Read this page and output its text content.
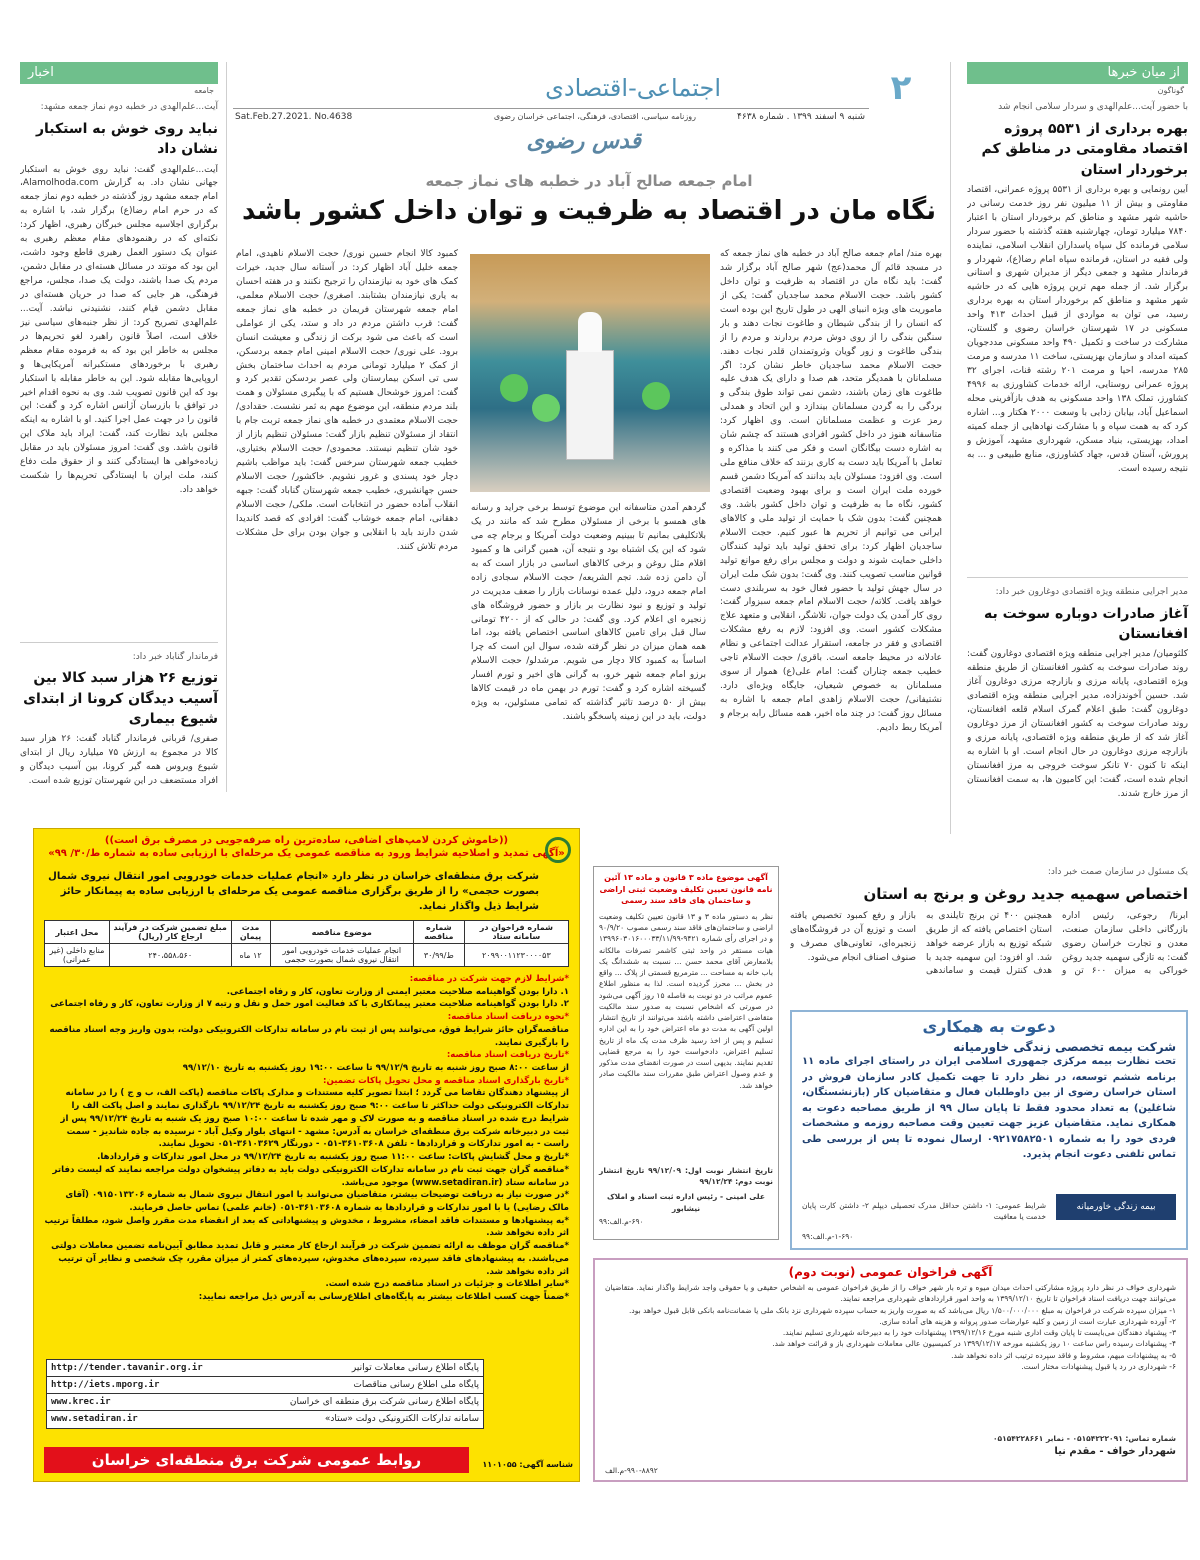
۲
اجتماعی-اقتصادی
شنبه ۹ اسفند ۱۳۹۹ . شماره ۴۶۳۸
روزنامه سیاسی، اقتصادی، فرهنگی، اجتماعی خراسان رضوی
Sat.Feb.27.2021. No.4638
قدس رضوی
از میان خبرها
گوناگون
با حضور آیت...علم‌الهدی و سردار سلامی انجام شد
بهره برداری از ۵۵۳۱ پروژه اقتصاد مقاومتی در مناطق کم برخوردار استان
آیین رونمایی و بهره برداری از ۵۵۳۱ پروژه عمرانی، اقتصاد مقاومتی و بیش از ۱۱ میلیون نفر روز خدمت رسانی در حاشیه شهر مشهد و مناطق کم برخوردار استان با اعتبار ۷۸۴۰ میلیارد تومان، چهارشنبه هفته گذشته با حضور سردار سلامی فرمانده کل سپاه پاسداران انقلاب اسلامی، نماینده ولی فقیه در استان، فرمانده سپاه امام رضا(ع)، شهردار و فرماندار مشهد و جمعی دیگر از مدیران شهری و استانی برگزار شد. از جمله مهم ترین پروژه هایی که در حاشیه شهر مشهد و مناطق کم برخوردار استان به بهره برداری رسید، می توان به مواردی از قبیل احداث ۴۱۳ واحد مسکونی در ۱۷ شهرستان خراسان رضوی و گلستان، مشارکت در ساخت و تکمیل ۴۹۰ واحد مسکونی مددجویان کمیته امداد و سازمان بهزیستی، ساخت ۱۱ مدرسه و مرمت ۲۸۵ مدرسه، احیا و مرمت ۲۰۱ رشته قنات، اجرای ۳۲ پروژه عمرانی روستایی، ارائه خدمات کشاورزی به ۴۹۹۶ کشاورز، تملک ۱۳۸ واحد مسکونی به هدف بازآفرینی محله اسماعیل آباد، بیابان زدایی با وسعت ۲۰۰۰ هکتار و... اشاره کرد که به همت سپاه و با مشارکت نهادهایی از جمله کمیته امداد، بهزیستی، بنیاد مسکن، شهرداری مشهد، آموزش و پرورش، آستان قدس، جهاد کشاورزی، منابع طبیعی و ... به نتیجه رسیده است.
مدیر اجرایی منطقه ویژه اقتصادی دوغارون خبر داد:
آغاز صادرات دوباره سوخت به افغانستان
کلثومیان/ مدیر اجرایی منطقه ویژه اقتصادی دوغارون گفت: روند صادرات سوخت به کشور افغانستان از طریق منطقه ویژه اقتصادی، پایانه مرزی و بازارچه مرزی دوغارون آغاز شد. حسین آخوندزاده، مدیر اجرایی منطقه ویژه اقتصادی دوغارون گفت: طبق اعلام گمرک اسلام قلعه افغانستان، روند صادرات سوخت به کشور افغانستان از مرز دوغارون آغاز شد که از طریق منطقه ویژه اقتصادی، پایانه مرزی و بازارچه مرزی دوغارون در حال انجام است. او با اشاره به اینکه تا کنون ۷۰ تانکر سوخت خروجی به مرز افغانستان انجام شده است، گفت: این کامیون ها، به سمت افغانستان از مرز خارج شدند.
اخبار
جامعه
آیت...علم‌الهدی در خطبه دوم نماز جمعه مشهد:
نباید روی خوش به استکبار نشان داد
آیت...علم‌الهدی گفت: نباید روی خوش به استکبار جهانی نشان داد. به گزارش Alamolhoda.com، امام جمعه مشهد روز گذشته در خطبه دوم نماز جمعه که در حرم امام رضا(ع) برگزار شد، با اشاره به برگزاری اجلاسیه مجلس خبرگان رهبری، اظهار کرد: نکته‌ای که در رهنمودهای مقام معظم رهبری به عنوان یک دستور العمل رهبری قاطع وجود داشت، این بود که مونتد در مسائل هسته‌ای در مقابل دشمن، مردم یک صدا باشند، دولت یک صدا، مجلس، مراجع فرهنگی، هر جایی که صدا در حریان هسته‌ای در مقابل دشمن قیام کنند، نشنیدنی نباشد. آیت... علم‌الهدی تصریح کرد: از نظر جنبه‌های سیاسی نیز خلاف است، اصلاً قانون راهبرد لغو تحریم‌ها در مجلس به خاطر این بود که به فرموده مقام معظم رهبری با برخوردهای مستکبرانه آمریکایی‌ها و اروپایی‌ها مقابله شود. این به خاطر مقابله با استکبار بود که این قانون تصویب شد. وی به نحوه اقدام اخیر در توافق با بازرسان آژانس اشاره کرد و گفت: این قانون را در جهت عمل اجرا کنید. او با اشاره به اینکه مجلس باید نظارت کند، گفت: ایراد باید ملاک این قانون باشد. وی گفت: امروز مسئولان باید در مقابل زیاده‌خواهی ها ایستادگی کنند و از حقوق ملت دفاع کنند، ملت ایران با ایستادگی تحریم‌ها را شکست خواهد داد.
فرماندار گناباد خبر داد:
توزیع ۲۶ هزار سبد کالا بین آسیب دیدگان کرونا از ابتدای شیوع بیماری
صفری/ قربانی فرماندار گناباد گفت: ۲۶ هزار سبد کالا در مجموع به ارزش ۷۵ میلیارد ریال از ابتدای شیوع ویروس همه گیر کرونا، بین آسیب دیدگان و افراد مستضعف در این شهرستان توزیع شده است.
امام جمعه صالح آباد در خطبه های نماز جمعه
نگاه مان در اقتصاد به ظرفیت و توان داخل کشور باشد
بهره مند/ امام جمعه صالح آباد در خطبه های نماز جمعه که در مسجد قائم آل محمد(عج) شهر صالح آباد برگزار شد گفت: باید نگاه مان در اقتصاد به ظرفیت و توان داخل کشور باشد. حجت الاسلام محمد ساجدیان گفت: یکی از ماموریت های ویژه انبیای الهی در طول تاریخ این بوده است که انسان را از بندگی شیطان و طاغوت نجات دهند و بار سنگین بندگی را از روی دوش مردم بردارند و مردم را از بندگی طاغوت و زور گویان وثروتمندان قلدر نجات دهند. حجت الاسلام محمد ساجدیان خاطر نشان کرد: اگر مسلمانان با همدیگر متحد، هم صدا و دارای یک هدف علیه طاغوت های زمان باشند، دشمن نمی تواند طوق بندگی و بردگی را به گردن مسلمانان بیندازد و این اتحاد و همدلی رمز عزت و عظمت مسلمانان است. وی اظهار کرد: متاسفانه هنوز در داخل کشور افرادی هستند که چشم شان به اشاره دست بیگانگان است و فکر می کنند با مذاکره و تعامل با آمریکا باید دست به کاری بزنند که خلاف منافع ملی است. وی افزود: مسئولان باید بدانند که آمریکا دشمن قسم خورده ملت ایران است و برای بهبود وضعیت اقتصادی کشور، نگاه ما به ظرفیت و توان داخل کشور باشد. وی همچنین گفت: بدون شک با حمایت از تولید ملی و کالاهای ایرانی می توانیم از تحریم ها عبور کنیم. حجت الاسلام ساجدیان اظهار کرد: برای تحقق تولید باید تولید کنندگان داخلی حمایت شوند و دولت و مجلس برای رفع موانع تولید قوانین مناسب تصویب کنند. وی گفت: بدون شک ملت ایران در سال جهش تولید با حضور فعال خود به سربلندی دست خواهد یافت. کلاته/ حجت الاسلام امام جمعه سبزوار گفت: روی کار آمدن یک دولت جوان، تلاشگر، انقلابی و متعهد علاج مشکلات کشور است. وی افزود: لازم به رفع مشکلات اقتصادی و فقر در جامعه، استقرار عدالت اجتماعی و نظام عادلانه در محیط جامعه است. باقری/ حجت الاسلام تاجی خطیب جمعه چناران گفت: امام علی(ع) هموار از سوی مسلمانان به خصوص شیعیان، جایگاه ویژه‌ای دارد. نشتیفانی/ حجت الاسلام زاهدی امام جمعه با اشاره به مسائل روز گفت: در چند ماه اخیر، همه مسائل رابه برجام و آمریکا ربط دادیم.
گردهم آمدن متاسفانه این موضوع توسط برخی جراید و رسانه های همسو با برخی از مسئولان مطرح شد که مانند در یک بلاتکلیفی بمانیم تا ببینیم وضعیت دولت آمریکا و برجام چه می شود که این یک اشتباه بود و نتیجه آن، همین گرانی ها و کمبود اقلام مثل روغن و برخی کالاهای اساسی در بازار است که به آن دامن زده شد. تجم الشریعه/ حجت الاسلام سجادی زاده امام جمعه درود، دلیل عمده نوسانات بازار را ضعف مدیریت در تولید و توزیع و نبود نظارت بر بازار و حضور فروشگاه های زنجیره ای اعلام کرد. وی گفت: در حالی که از ۴۲۰۰ تومانی سال قبل برای تامین کالاهای اساسی اختصاص یافته بود، اما همه همان میزان در نظر گرفته شده، سوال این است که چرا اساساً به کمبود کالا دچار می شویم. مرشدلو/ حجت الاسلام برزو امام جمعه شهر خرو، به گرانی های اخیر و تورم افسار گسیخته اشاره کرد و گفت: تورم در بهمن ماه در قیمت کالاها بیش از ۵۰ درصد تاثیر گذاشته که تمامی مسئولین، به ویژه دولت، باید در این زمینه پاسخگو باشند.
کمبود کالا انجام حسین نوری/ حجت الاسلام ناهیدی، امام جمعه خلیل آباد اظهار کرد: در آستانه سال جدید، خیرات کمک های خود به نیازمندان را ترجیح نکنند و در هفته احسان به یاری نیازمندان بشتابند. اصغری/ حجت الاسلام معلمی، امام جمعه شهرستان فریمان در خطبه های نماز جمعه گفت: قرب داشتن مردم در داد و ستد، یکی از عواملی است که باعث می شود برکت از زندگی و معیشت انسان برود. علی نوری/ حجت الاسلام امینی امام جمعه بردسکن، از کمک ۲ میلیارد تومانی مردم به احداث ساختمان بخش سی تی اسکن بیمارستان ولی عصر بردسکن تقدیر کرد و گفت: امروز خوشحال هستیم که با پیگیری مسئولان و همت بلند مردم منطقه، این موضوع مهم به ثمر نشست. حقدادی/ حجت الاسلام معتمدی در خطبه های نماز جمعه تربت جام با انتقاد از مسئولان تنظیم بازار گفت: مسئولان تنظیم بازار از خود شان تنظیم نیستند. محمودی/ حجت الاسلام بختیاری، خطیب جمعه شهرستان سرخس گفت: باید مواظب باشیم دچار خود پسندی و غرور نشویم. خاکشور/ حجت الاسلام حسن جهانشیری، خطیب جمعه شهرستان گناباد گفت: جبهه انقلاب آماده حضور در انتخابات است. ملکی/ حجت الاسلام دهقانی، امام جمعه خوشاب گفت: افرادی که قصد کاندیدا شدن دارند باید با انقلابی و جوان بودن برای حل مشکلات مردم تلاش کنند.
((خاموش کردن لامپ‌های اضافی، ساده‌ترین راه صرفه‌جویی در مصرف برق است))
«آگهی تمدید و اصلاحیه شرایط ورود به مناقصه عمومی یک مرحله‌ای با ارزیابی ساده به شماره ط/۳۰/ ۹۹»
شرکت برق منطقه‌ای خراسان در نظر دارد «انجام عملیات خدمات خودرویی امور انتقال نیروی شمال بصورت حجمی» را از طریق برگزاری مناقصه عمومی یک مرحله‌ای با ارزیابی ساده به پیمانکار حائز شرایط ذیل واگذار نماید.
شماره فراخوان در سامانه ستاد	شماره مناقصه	موضوع مناقصه	مدت پیمان	مبلغ تضمین شرکت در فرآیند ارجاع کار (ریال)	محل اعتبار
۲۰۹۹۰۰۱۱۲۳۰۰۰۰۵۳	ط/۳۰/۹۹	انجام عملیات خدمات خودرویی امور انتقال نیروی شمال بصورت حجمی	۱۲ ماه	۲۴۰،۵۵۸،۵۶۰	منابع داخلی (غیر عمرانی)
*شرایط لازم جهت شرکت در مناقصه:
۱. دارا بودن گواهینامه صلاحیت معتبر ایمنی از وزارت تعاون، کار و رفاه اجتماعی.
۲. دارا بودن گواهینامه صلاحیت معتبر پیمانکاری با کد فعالیت امور حمل و نقل و رتبه ۷ از وزارت تعاون، کار و رفاه اجتماعی
*نحوه دریافت اسناد مناقصه:
مناقصه‌گران حائز شرایط فوق، می‌توانند پس از ثبت نام در سامانه تدارکات الکترونیکی دولت، بدون واریز وجه اسناد مناقصه را بارگیری نمایند.
*تاریخ دریافت اسناد مناقصه:
از ساعت ۸:۰۰ صبح روز شنبه به تاریخ ۹۹/۱۲/۹ تا ساعت ۱۹:۰۰ روز یکشنبه به تاریخ ۹۹/۱۲/۱۰
*تاریخ بارگذاری اسناد مناقصه و محل تحویل پاکات تضمین:
از پیشنهاد دهندگان تقاضا می گردد ؛ ابتدا تصویر کلیه مستندات و مدارک پاکات مناقصه (پاکت الف، ب و ج ) را در سامانه تدارکات الکترونیکی دولت حداکثر تا ساعت ۹:۰۰ صبح روز یکشنبه به تاریخ ۹۹/۱۲/۲۴ بارگذاری نمایند و اصل پاکت الف را شرایط درج شده در اسناد مناقصه و به صورت لاک و مهر شده تا ساعت ۱۰:۰۰ صبح روز یک شنبه به تاریخ ۹۹/۱۲/۲۴ پس از ثبت در دبیرخانه شرکت برق منطقه‌ای خراسان به آدرس: مشهد - انتهای بلوار وکیل آباد - نرسیده به جاده شاندیز - سمت راست - به امور تدارکات و قراردادها - تلفن ۳۶۱۰۳۶۰۸-۰۵۱ - دورنگار ۳۶۱۰۳۶۲۹-۰۵۱ تحویل نمایند.
*تاریخ و محل گشایش پاکات: ساعت ۱۱:۰۰ صبح روز یکشنبه به تاریخ ۹۹/۱۲/۲۴ در محل امور تدارکات و قراردادها.
*مناقصه گران جهت ثبت نام در سامانه تدارکات الکترونیکی دولت باید به دفاتر پیشخوان دولت مراجعه نمایند که لیست دفاتر در سامانه ستاد (www.setadiran.ir) موجود می‌باشد.
*در صورت نیاز به دریافت توضیحات بیشتر، متقاضیان می‌توانند با امور انتقال نیروی شمال به شماره ۰۹۱۵۰۱۳۲۰۶ (آقای مالک رضایی) یا با امور تدارکات و قراردادها به شماره ۳۶۱۰۳۶۰۸-۰۵۱ (خانم علمی) تماس حاصل فرمایند.
*به پیشنهادها و مستندات فاقد امضاء، مشروط ، مخدوش و پیشنهاداتی که بعد از انقضاء مدت مقرر واصل شود، مطلقاً ترتیب اثر داده نخواهد شد.
*مناقصه گران موظف به ارائه تضمین شرکت در فرآیند ارجاع کار معتبر و قابل تمدید مطابق آیین‌نامه تضمین معاملات دولتی می‌باشند. به پیشنهادهای فاقد سپرده، سپرده‌های مخدوش، سپرده‌های کمتر از میزان مقرر، چک شخصی و نظایر آن ترتیب اثر داده نخواهد شد.
*سایر اطلاعات و جزئیات در اسناد مناقصه درج شده است.
*ضمناً جهت کسب اطلاعات بیشتر به پایگاه‌های اطلاع‌رسانی به آدرس ذیل مراجعه نمایید:
پایگاه اطلاع رسانی معاملات توانیر
http://tender.tavanir.org.ir
پایگاه ملی اطلاع رسانی مناقصات
http://iets.mporg.ir
پایگاه اطلاع رسانی شرکت برق منطقه ای خراسان
www.krec.ir
سامانه تدارکات الکترونیکی دولت «ستاد»
www.setadiran.ir
روابط عمومی شرکت برق منطقه‌ای خراسان	شناسه آگهی: ۱۱۰۱۰۵۵
آگهی موضوع ماده ۳ قانون و ماده ۱۳ آئین نامه قانون تعیین تکلیف وضعیت ثبتی اراضی و ساختمان های فاقد سند رسمی
نظر به دستور ماده ۳ و ۱۳ قانون تعیین تکلیف وضعیت اراضی و ساختمان‌های فاقد سند رسمی مصوب ۹۰/۹/۲۰ و در اجرای رأی شماره ۹۴۲۱-۱۳۹۹۶۰۳۰۱۶۰۰۰۳۳/۱۱/۹۹ هیات مستقر در واحد ثبتی کاشمر تصرفات مالکانه بلامعارض آقای محمد حسن ... نسبت به ششدانگ یک باب خانه به مساحت ... مترمربع قسمتی از پلاک ... واقع در بخش ... محرز گردیده است. لذا به منظور اطلاع عموم مراتب در دو نوبت به فاصله ۱۵ روز آگهی می‌شود در صورتی که اشخاص نسبت به صدور سند مالکیت متقاضی اعتراضی داشته باشند می‌توانند از تاریخ انتشار اولین آگهی به مدت دو ماه اعتراض خود را به این اداره تسلیم و پس از اخذ رسید ظرف مدت یک ماه از تاریخ تسلیم اعتراض، دادخواست خود را به مرجع قضایی تقدیم نمایند. بدیهی است در صورت انقضای مدت مذکور و عدم وصول اعتراض طبق مقررات سند مالکیت صادر خواهد شد.
تاریخ انتشار نوبت اول: ۹۹/۱۲/۰۹ تاریخ انتشار نوبت دوم: ۹۹/۱۲/۲۴
علی امینی - رئیس اداره ثبت اسناد و املاک نیشابور
۶۹۰-م.الف:۹۹
یک مسئول در سازمان صمت خبر داد:
اختصاص سهمیه جدید روغن و برنج به استان
ابرنا/ رجوعی، رئیس اداره بازرگانی داخلی سازمان صنعت، معدن و تجارت خراسان رضوی گفت: به تازگی سهمیه جدید روغن خوراکی به میزان ۶۰۰ تن و همچنین ۴۰۰ تن برنج تایلندی به استان اختصاص یافته که از طریق شبکه توزیع به بازار عرضه خواهد شد. او افزود: این سهمیه جدید با هدف کنترل قیمت و ساماندهی بازار و رفع کمبود تخصیص یافته است و توزیع آن در فروشگاه‌های زنجیره‌ای، تعاونی‌های مصرف و صنوف اصناف انجام می‌شود.
دعوت به همکاری
شرکت بیمه تخصصی زندگی خاورمیانه
تحت نظارت بیمه مرکزی جمهوری اسلامی ایران در راستای اجرای ماده ۱۱ برنامه ششم توسعه، در نظر دارد تا جهت تکمیل کادر سازمان فروش در استان خراسان رضوی از بین داوطلبان فعال و متقاضیان کار (بازنشستگان، شاغلین) به تعداد محدود فقط تا پایان سال ۹۹ از طریق مصاحبه دعوت به همکاری نماید. متقاضیان عزیز جهت تعیین وقت مصاحبه روزمه و مشخصات فردی خود را به شماره ۰۹۲۱۷۵۸۲۵۰۱ ارسال نموده تا پس از بررسی طی تماس تلفنی دعوت انجام پذیرد.
بیمه زندگی خاورمیانه
شرایط عمومی: ۱- داشتن حداقل مدرک تحصیلی دیپلم ۲- داشتن کارت پایان خدمت یا معافیت
۱-۶۹۰-م.الف:۹۹
آگهی فراخوان عمومی (نوبت دوم)
شهرداری خواف در نظر دارد پروژه مشارکتی احداث میدان میوه و تره بار شهر خواف را از طریق فراخوان عمومی به اشخاص حقیقی و یا حقوقی واجد شرایط واگذار نماید. متقاضیان می‌توانند جهت دریافت اسناد فراخوان تا تاریخ ۱۳۹۹/۱۲/۱۰ به واحد امور قراردادهای شهرداری مراجعه نمایند.
۱- میزان سپرده شرکت در فراخوان به مبلغ ۱/۵۰۰/۰۰۰/۰۰۰ ریال می‌باشد که به صورت واریز به حساب سپرده شهرداری نزد بانک ملی یا ضمانت‌نامه بانکی قابل قبول خواهد بود.
۲- آورده شهرداری عبارت است از زمین و کلیه عوارضات صدور پروانه و هزینه های آماده سازی.
۳- پیشنهاد دهندگان می‌بایست تا پایان وقت اداری شنبه مورخ ۱۳۹۹/۱۲/۱۶ پیشنهادات خود را به دبیرخانه شهرداری تسلیم نمایند.
۴- پیشنهادات رسیده راس ساعت ۱۰ روز یکشنبه مورخه ۱۳۹۹/۱۲/۱۷ در کمیسیون عالی معاملات شهرداری باز و قرائت خواهد شد.
۵- به پیشنهادات مبهم، مشروط و فاقد سپرده ترتیب اثر داده نخواهد شد.
۶- شهرداری در رد یا قبول پیشنهادات مختار است.
شماره تماس: ۰۵۱۵۴۲۲۲۰۹۱ - نمابر ۰۵۱۵۴۲۲۸۶۶۱
شهردار خواف - مقدم نیا
۹۹۰-۸۸۹۲-م.الف
